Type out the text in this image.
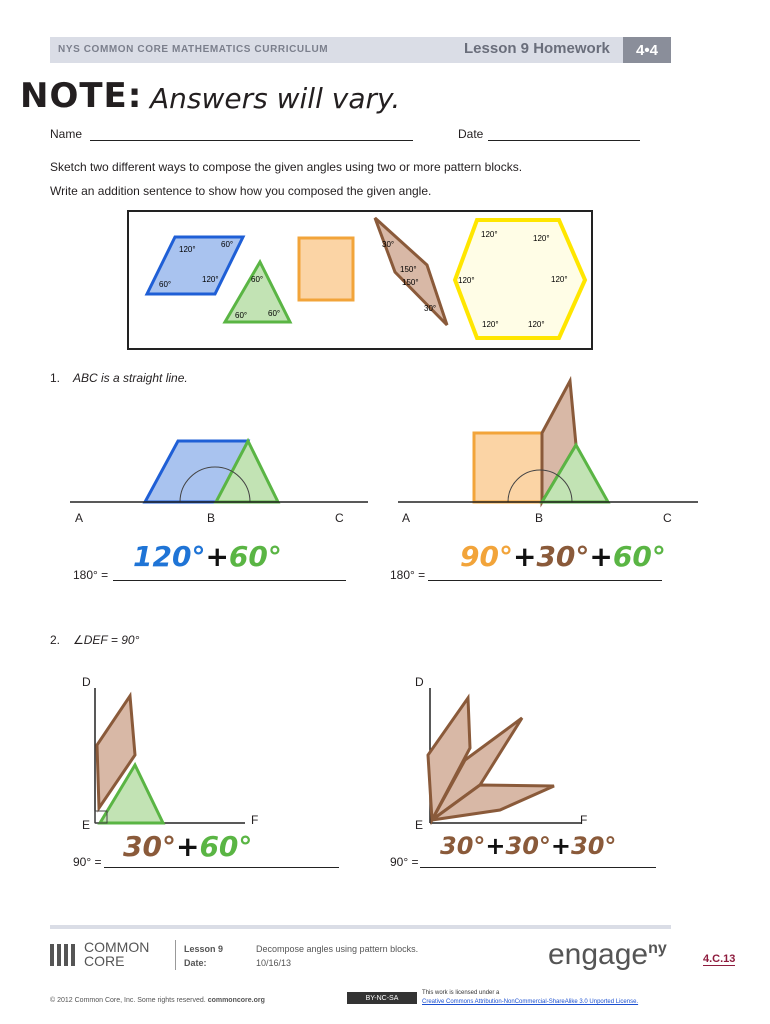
NYS COMMON CORE MATHEMATICS CURRICULUM	Lesson 9 Homework	4•4
NOTE: Answers will vary.
Name	Date
Sketch two different ways to compose the given angles using two or more pattern blocks.
Write an addition sentence to show how you composed the given angle.
120°
60°
60°
120°	60°
60°	60°
30°
150°
150°
30°
120°	120°
120°	120°
120°	120°
1. ABC is a straight line.
A	B	C	A	B	C
180° =
120°+60°
180° =
90°+30°+60°
2. ∠DEF = 90°
D
E	F
D
E	F
90° = 30°+60°	90° =
30°+30°+30°
COMMON
CORE
Lesson 9
Date:
Decompose angles using pattern blocks.
10/16/13	engage$^{ny}$
4.C.13
© 2012 Common Core, Inc. Some rights reserved. commoncore.org	BY-NC-SA
This work is licensed under a
Creative Commons Attribution-NonCommercial-ShareAlike 3.0 Unported License.
